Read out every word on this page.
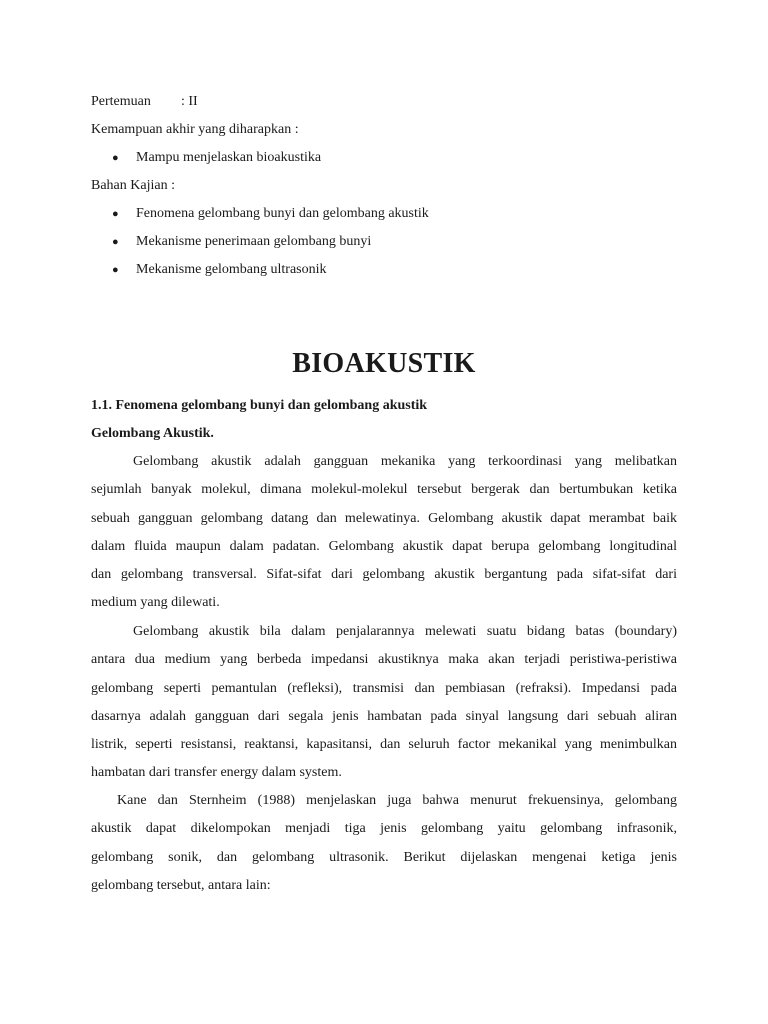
Pertemuan : II
Kemampuan akhir yang diharapkan :
● Mampu menjelaskan bioakustika
Bahan Kajian :
● Fenomena gelombang bunyi dan gelombang akustik
● Mekanisme penerimaan gelombang bunyi
● Mekanisme gelombang ultrasonik
BIOAKUSTIK
1.1. Fenomena gelombang bunyi dan gelombang akustik
Gelombang Akustik.
Gelombang akustik adalah gangguan mekanika yang terkoordinasi yang melibatkan
sejumlah banyak molekul, dimana molekul-molekul tersebut bergerak dan bertumbukan ketika
sebuah gangguan gelombang datang dan melewatinya. Gelombang akustik dapat merambat baik
dalam fluida maupun dalam padatan. Gelombang akustik dapat berupa gelombang longitudinal
dan gelombang transversal. Sifat-sifat dari gelombang akustik bergantung pada sifat-sifat dari
medium yang dilewati.
Gelombang akustik bila dalam penjalarannya melewati suatu bidang batas (boundary)
antara dua medium yang berbeda impedansi akustiknya maka akan terjadi peristiwa-peristiwa
gelombang seperti pemantulan (refleksi), transmisi dan pembiasan (refraksi). Impedansi pada
dasarnya adalah gangguan dari segala jenis hambatan pada sinyal langsung dari sebuah aliran
listrik, seperti resistansi, reaktansi, kapasitansi, dan seluruh factor mekanikal yang menimbulkan
hambatan dari transfer energy dalam system.
Kane dan Sternheim (1988) menjelaskan juga bahwa menurut frekuensinya, gelombang
akustik dapat dikelompokan menjadi tiga jenis gelombang yaitu gelombang infrasonik,
gelombang sonik, dan gelombang ultrasonik. Berikut dijelaskan mengenai ketiga jenis
gelombang tersebut, antara lain:
